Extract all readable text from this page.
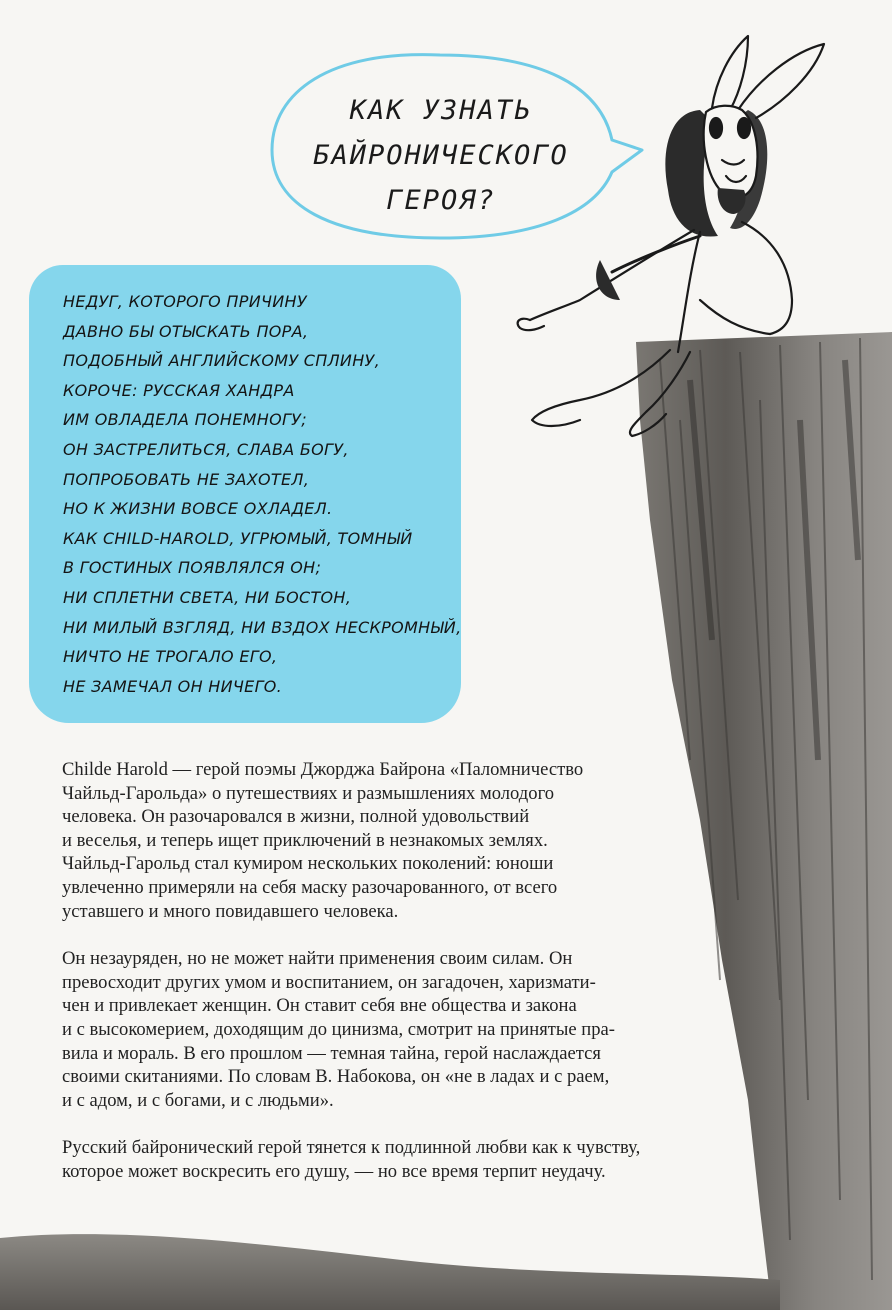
КАК УЗНАТЬ
БАЙРОНИЧЕСКОГО
ГЕРОЯ?
НЕДУГ, КОТОРОГО ПРИЧИНУ
ДАВНО БЫ ОТЫСКАТЬ ПОРА,
ПОДОБНЫЙ АНГЛИЙСКОМУ СПЛИНУ,
КОРОЧЕ: РУССКАЯ ХАНДРА
ИМ ОВЛАДЕЛА ПОНЕМНОГУ;
ОН ЗАСТРЕЛИТЬСЯ, СЛАВА БОГУ,
ПОПРОБОВАТЬ НЕ ЗАХОТЕЛ,
НО К ЖИЗНИ ВОВСЕ ОХЛАДЕЛ.
КАК CHILD-HAROLD, УГРЮМЫЙ, ТОМНЫЙ
В ГОСТИНЫХ ПОЯВЛЯЛСЯ ОН;
НИ СПЛЕТНИ СВЕТА, НИ БОСТОН,
НИ МИЛЫЙ ВЗГЛЯД, НИ ВЗДОХ НЕСКРОМНЫЙ,
НИЧТО НЕ ТРОГАЛО ЕГО,
НЕ ЗАМЕЧАЛ ОН НИЧЕГО.

Childe Harold — герой поэмы Джорджа Байрона «Паломничество
Чайльд-Гарольда» о путешествиях и размышлениях молодого
человека. Он разочаровался в жизни, полной удовольствий
и веселья, и теперь ищет приключений в незнакомых землях.
Чайльд-Гарольд стал кумиром нескольких поколений: юноши
увлеченно примеряли на себя маску разочарованного, от всего
уставшего и много повидавшего человека.

Он незауряден, но не может найти применения своим силам. Он
превосходит других умом и воспитанием, он загадочен, харизмати-
чен и привлекает женщин. Он ставит себя вне общества и закона
и с высокомерием, доходящим до цинизма, смотрит на принятые пра-
вила и мораль. В его прошлом — темная тайна, герой наслаждается
своими скитаниями. По словам В. Набокова, он «не в ладах и с раем,
и с адом, и с богами, и с людьми».

Русский байронический герой тянется к подлинной любви как к чувству,
которое может воскресить его душу, — но все время терпит неудачу.
